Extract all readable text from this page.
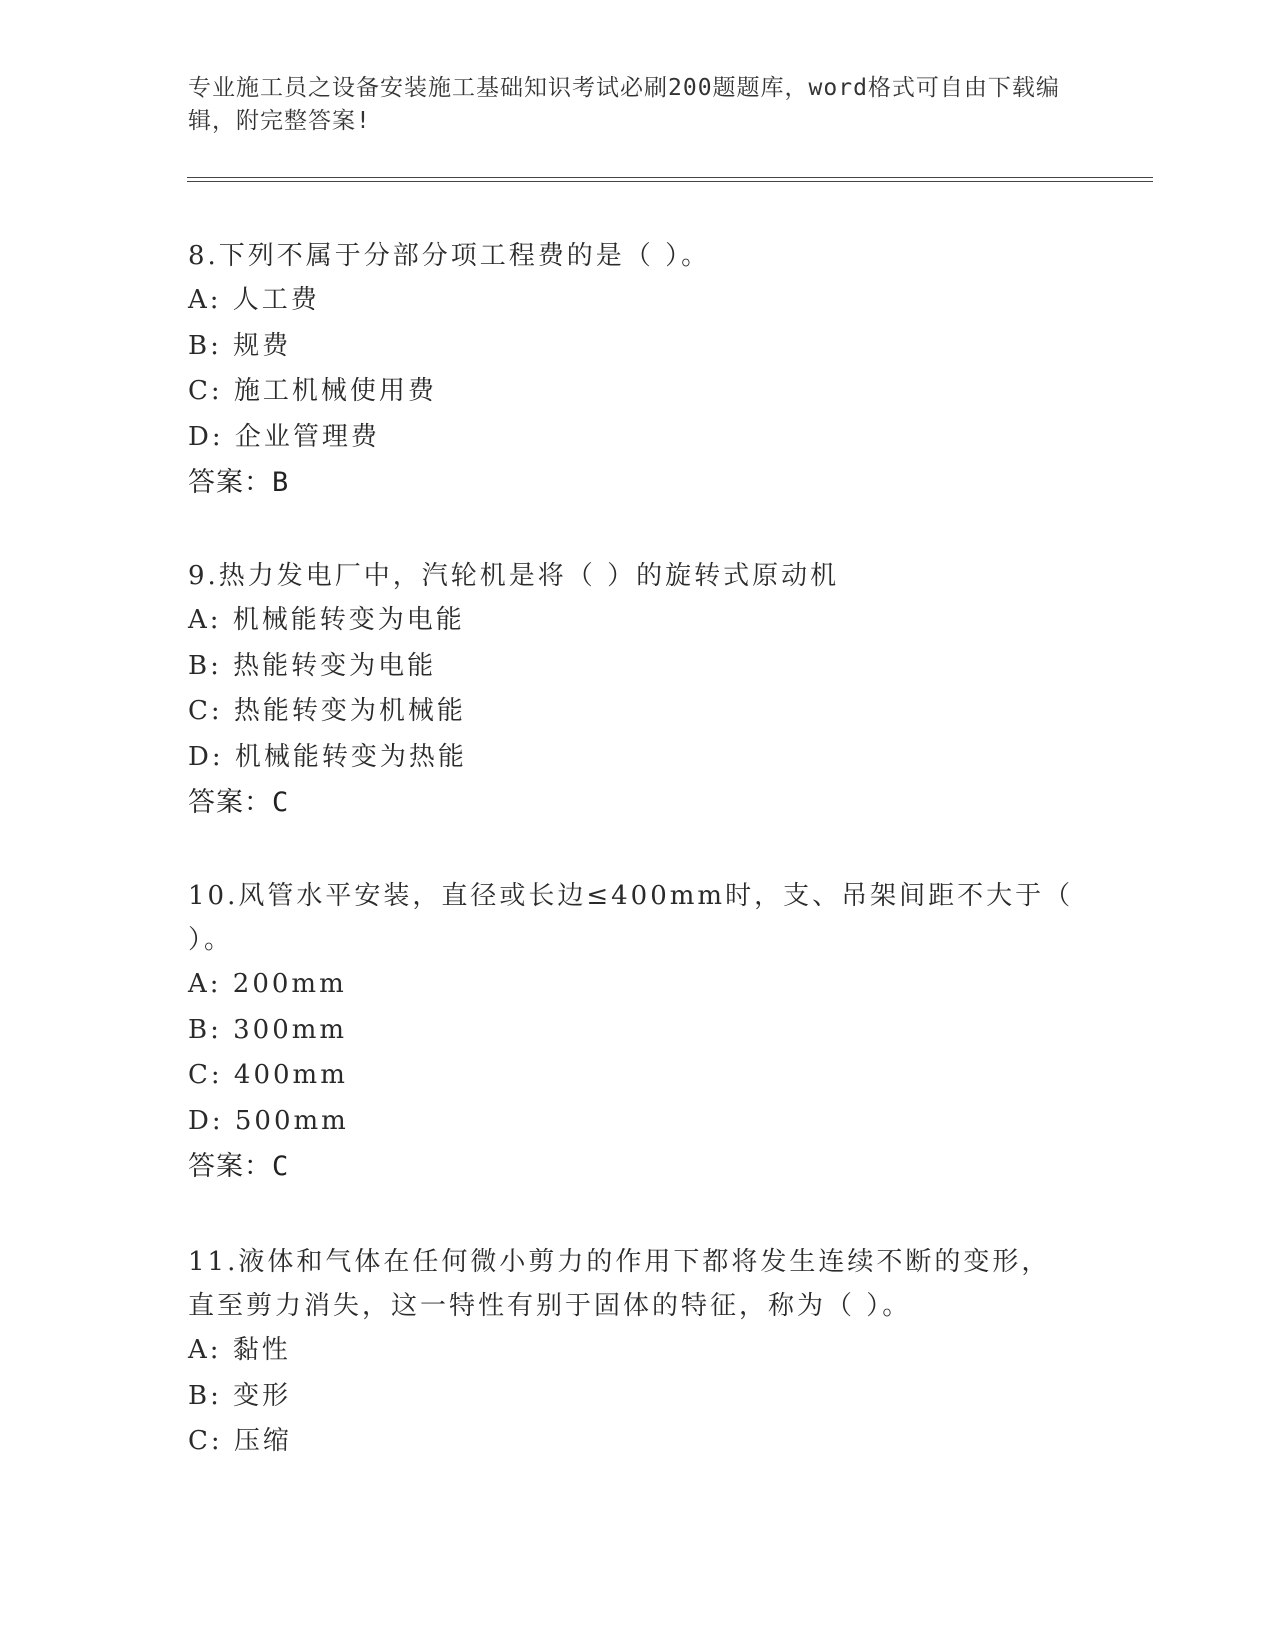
专业施工员之设备安装施工基础知识考试必刷200题题库，word格式可自由下载编辑，附完整答案!
8.下列不属于分部分项工程费的是（ ）。
A: 人工费
B: 规费
C: 施工机械使用费
D: 企业管理费
答案：B
9.热力发电厂中，汽轮机是将（ ）的旋转式原动机
A: 机械能转变为电能
B: 热能转变为电能
C: 热能转变为机械能
D: 机械能转变为热能
答案：C
10.风管水平安装，直径或长边≤400mm时，支、吊架间距不大于（ ）。
A: 200mm
B: 300mm
C: 400mm
D: 500mm
答案：C
11.液体和气体在任何微小剪力的作用下都将发生连续不断的变形，直至剪力消失，这一特性有别于固体的特征，称为（ ）。
A: 黏性
B: 变形
C: 压缩
